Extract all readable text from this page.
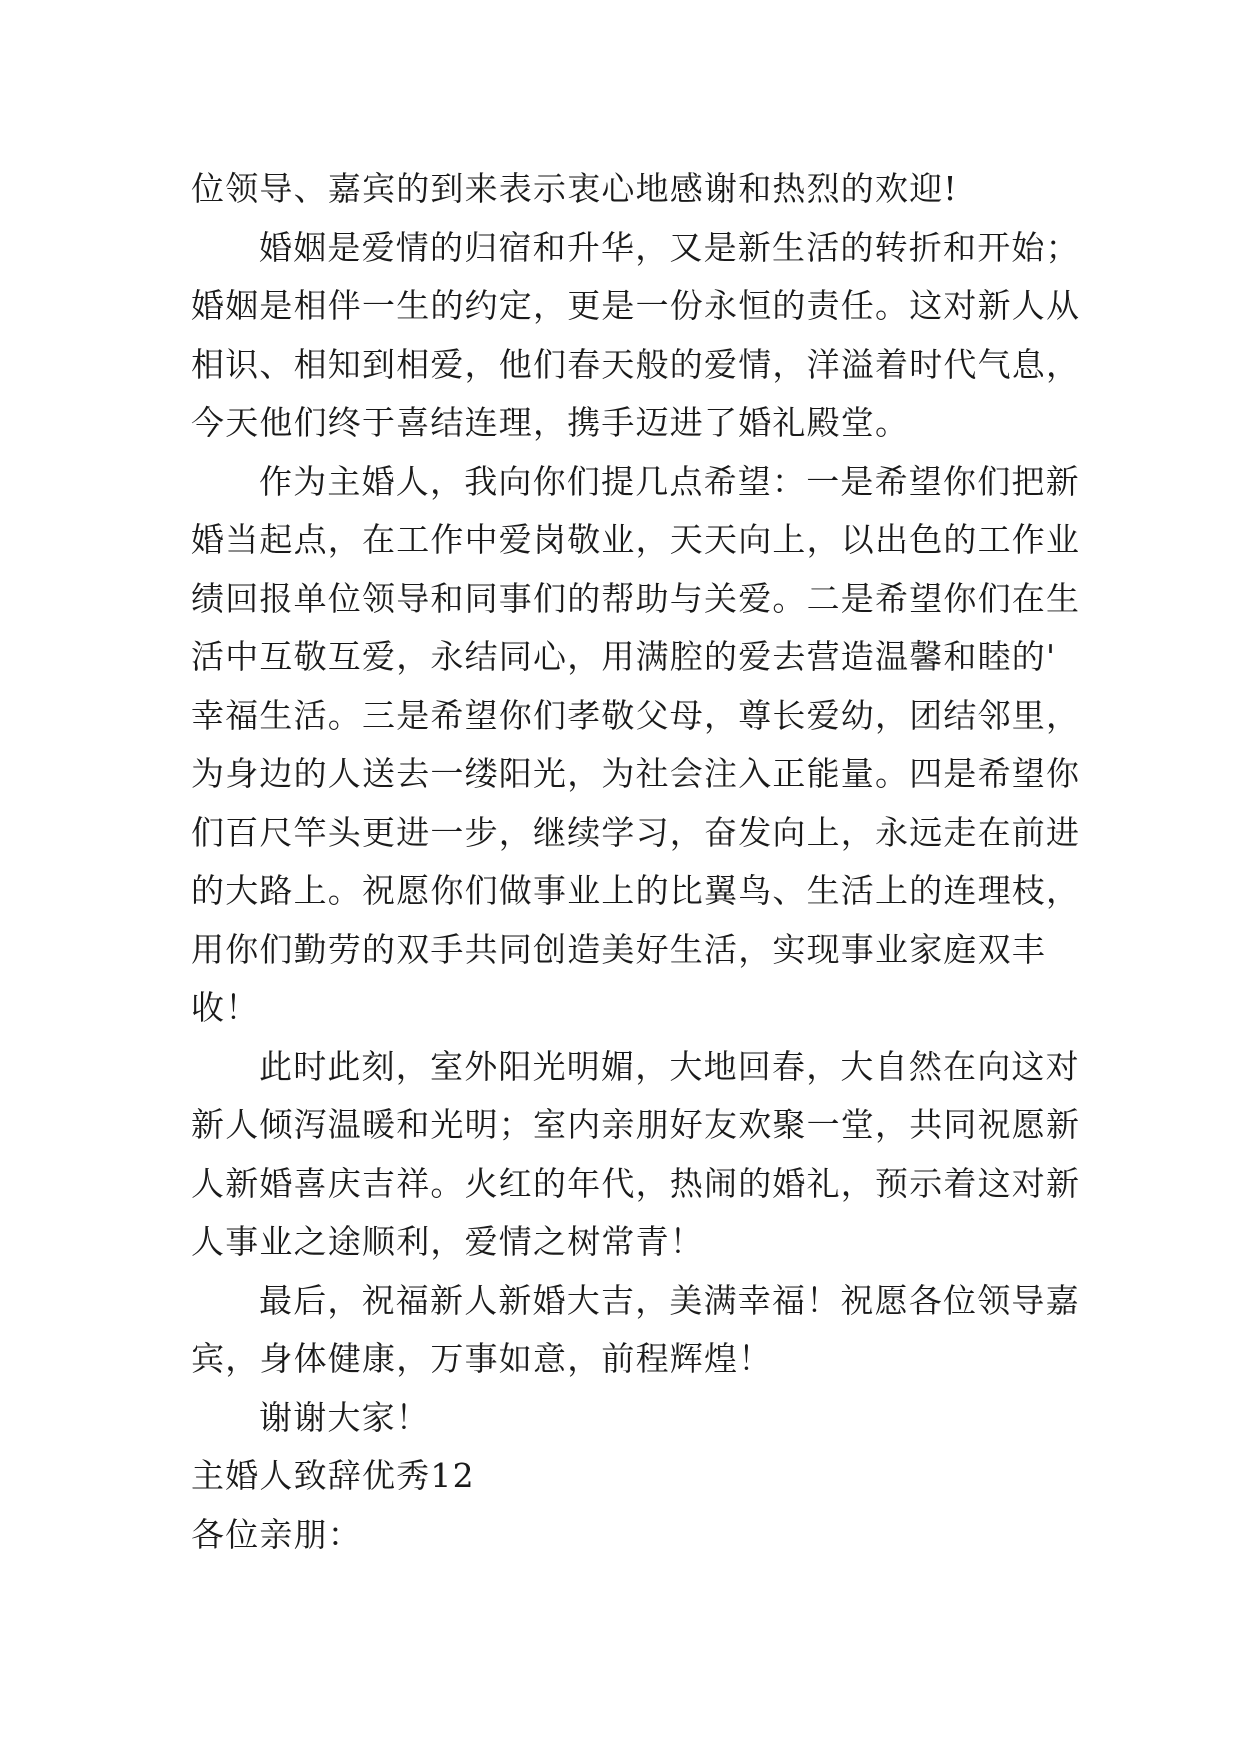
位领导、嘉宾的到来表示衷心地感谢和热烈的欢迎!

婚姻是爱情的归宿和升华，又是新生活的转折和开始；

婚姻是相伴一生的约定，更是一份永恒的责任。这对新人从

相识、相知到相爱，他们春天般的爱情，洋溢着时代气息，

今天他们终于喜结连理，携手迈进了婚礼殿堂。

作为主婚人，我向你们提几点希望：一是希望你们把新

婚当起点，在工作中爱岗敬业，天天向上，以出色的工作业

绩回报单位领导和同事们的帮助与关爱。二是希望你们在生

活中互敬互爱，永结同心，用满腔的爱去营造温馨和睦的'

幸福生活。三是希望你们孝敬父母，尊长爱幼，团结邻里，

为身边的人送去一缕阳光，为社会注入正能量。四是希望你

们百尺竿头更进一步，继续学习，奋发向上，永远走在前进

的大路上。祝愿你们做事业上的比翼鸟、生活上的连理枝，

用你们勤劳的双手共同创造美好生活，实现事业家庭双丰

收！

此时此刻，室外阳光明媚，大地回春，大自然在向这对

新人倾泻温暖和光明；室内亲朋好友欢聚一堂，共同祝愿新

人新婚喜庆吉祥。火红的年代，热闹的婚礼，预示着这对新

人事业之途顺利，爱情之树常青！

最后，祝福新人新婚大吉，美满幸福！祝愿各位领导嘉

宾，身体健康，万事如意，前程辉煌！

谢谢大家！

主婚人致辞优秀12

各位亲朋：
